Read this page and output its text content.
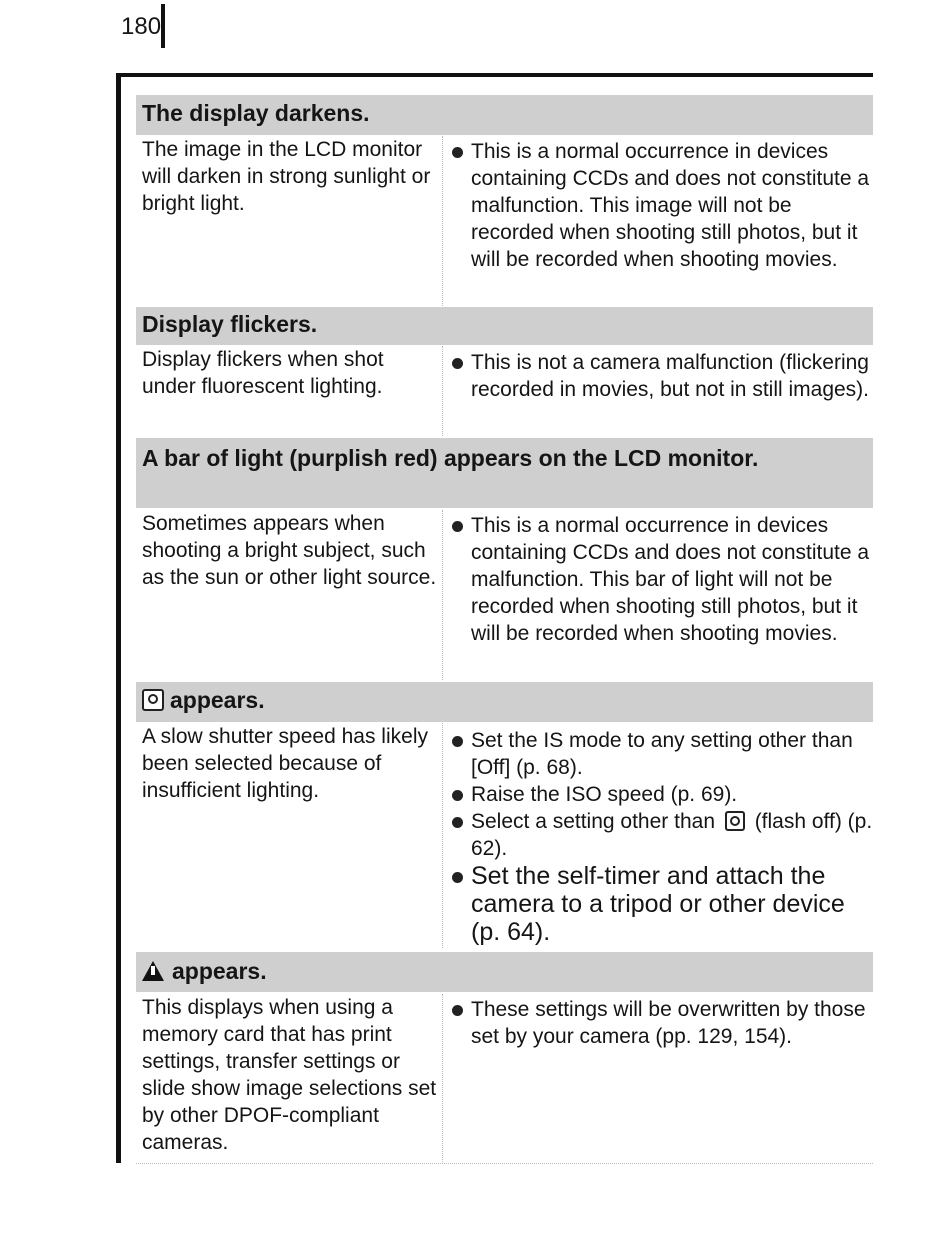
180
The display darkens.
The image in the LCD monitor will darken in strong sunlight or bright light.

This is a normal occurrence in devices containing CCDs and does not constitute a malfunction. This image will not be recorded when shooting still photos, but it will be recorded when shooting movies.

Display flickers.
Display flickers when shot under fluorescent lighting.

This is not a camera malfunction (flickering recorded in movies, but not in still images).

A bar of light (purplish red) appears on the LCD monitor.
Sometimes appears when shooting a bright subject, such as the sun or other light source.

This is a normal occurrence in devices containing CCDs and does not constitute a malfunction. This bar of light will not be recorded when shooting still photos, but it will be recorded when shooting movies.

appears.
A slow shutter speed has likely been selected because of insufficient lighting.

Set the IS mode to any setting other than [Off] (p. 68).

Raise the ISO speed (p. 69).

Select a setting other than (flash off) (p. 62).

Set the self-timer and attach the camera to a tripod or other device (p. 64).

appears.
This displays when using a memory card that has print settings, transfer settings or slide show image selections set by other DPOF-compliant cameras.

These settings will be overwritten by those set by your camera (pp. 129, 154).
